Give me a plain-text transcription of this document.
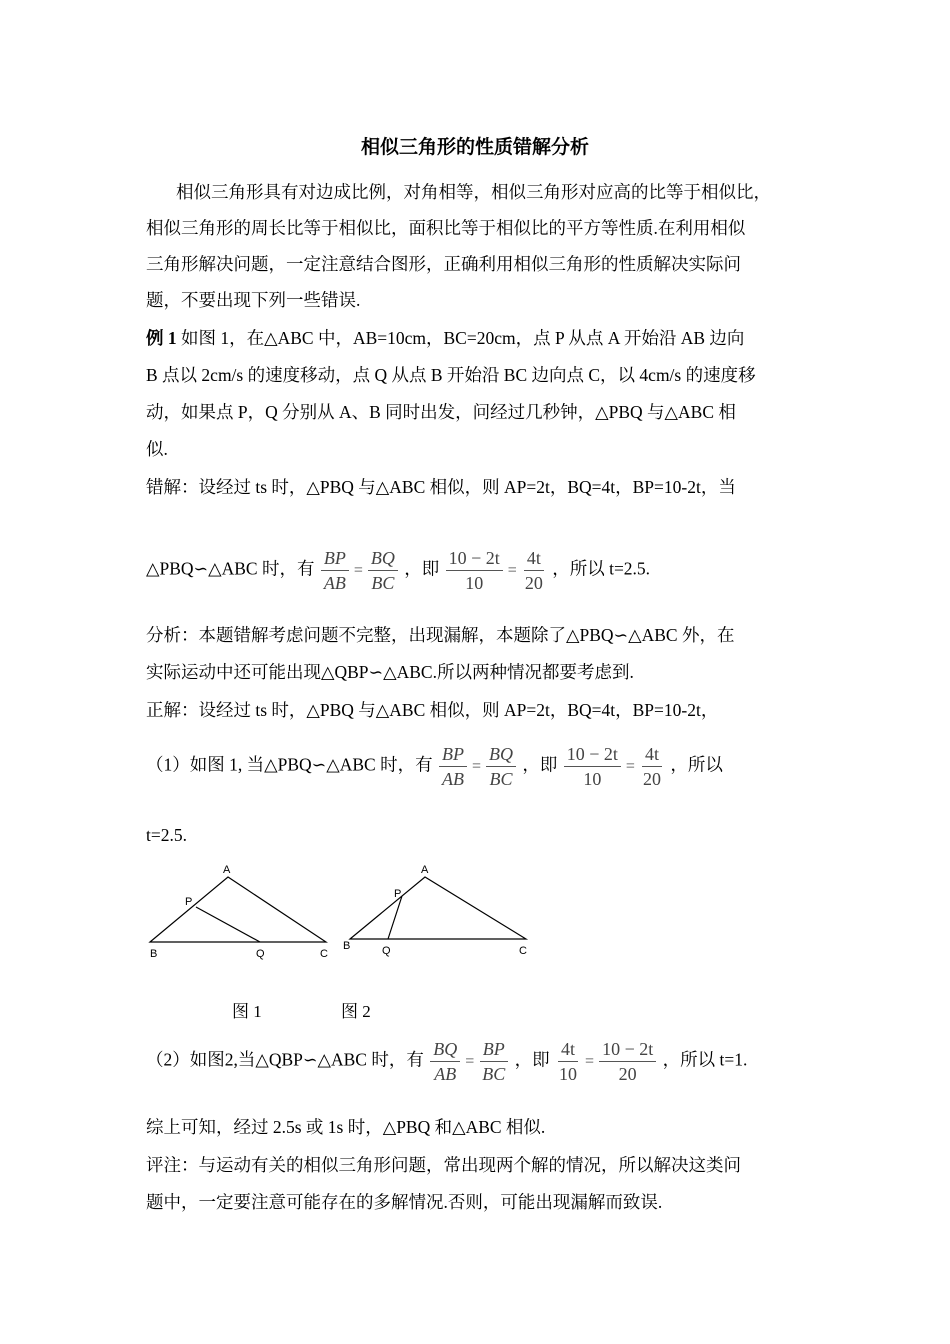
相似三角形的性质错解分析
相似三角形具有对边成比例，对角相等，相似三角形对应高的比等于相似比，
相似三角形的周长比等于相似比，面积比等于相似比的平方等性质.在利用相似
三角形解决问题，一定注意结合图形，正确利用相似三角形的性质解决实际问
题，不要出现下列一些错误.
例 1 如图 1，在△ABC 中，AB=10cm，BC=20cm，点 P 从点 A 开始沿 AB 边向
B 点以 2cm/s 的速度移动，点 Q 从点 B 开始沿 BC 边向点 C，以 4cm/s 的速度移
动，如果点 P，Q 分别从 A、B 同时出发，问经过几秒钟，△PBQ 与△ABC 相
似.
错解：设经过 ts 时，△PBQ 与△ABC 相似，则 AP=2t，BQ=4t，BP=10-2t，当
△PBQ∽△ABC 时，有 $\frac{BP}{AB} = \frac{BQ}{BC}$ ，即 $\frac{10 - 2t}{10} = \frac{4t}{20}$ ，所以 t=2.5.
分析：本题错解考虑问题不完整，出现漏解，本题除了△PBQ∽△ABC 外，在
实际运动中还可能出现△QBP∽△ABC.所以两种情况都要考虑到.
正解：设经过 ts 时，△PBQ 与△ABC 相似，则 AP=2t，BQ=4t，BP=10-2t，
（1）如图 1, 当△PBQ∽△ABC 时，有 $\frac{BP}{AB} = \frac{BQ}{BC}$ ，即 $\frac{10 - 2t}{10} = \frac{4t}{20}$ ，所以
t=2.5.
A
P
B	Q	C
A
P
B	Q	C
图 1	图 2
（2）如图2,当△QBP∽△ABC 时，有 $\frac{BQ}{AB} = \frac{BP}{BC}$ ，即 $\frac{4t}{10} = \frac{10 - 2t}{20}$ ，所以 t=1.
综上可知，经过 2.5s 或 1s 时，△PBQ 和△ABC 相似.
评注：与运动有关的相似三角形问题，常出现两个解的情况，所以解决这类问
题中，一定要注意可能存在的多解情况.否则，可能出现漏解而致误.
